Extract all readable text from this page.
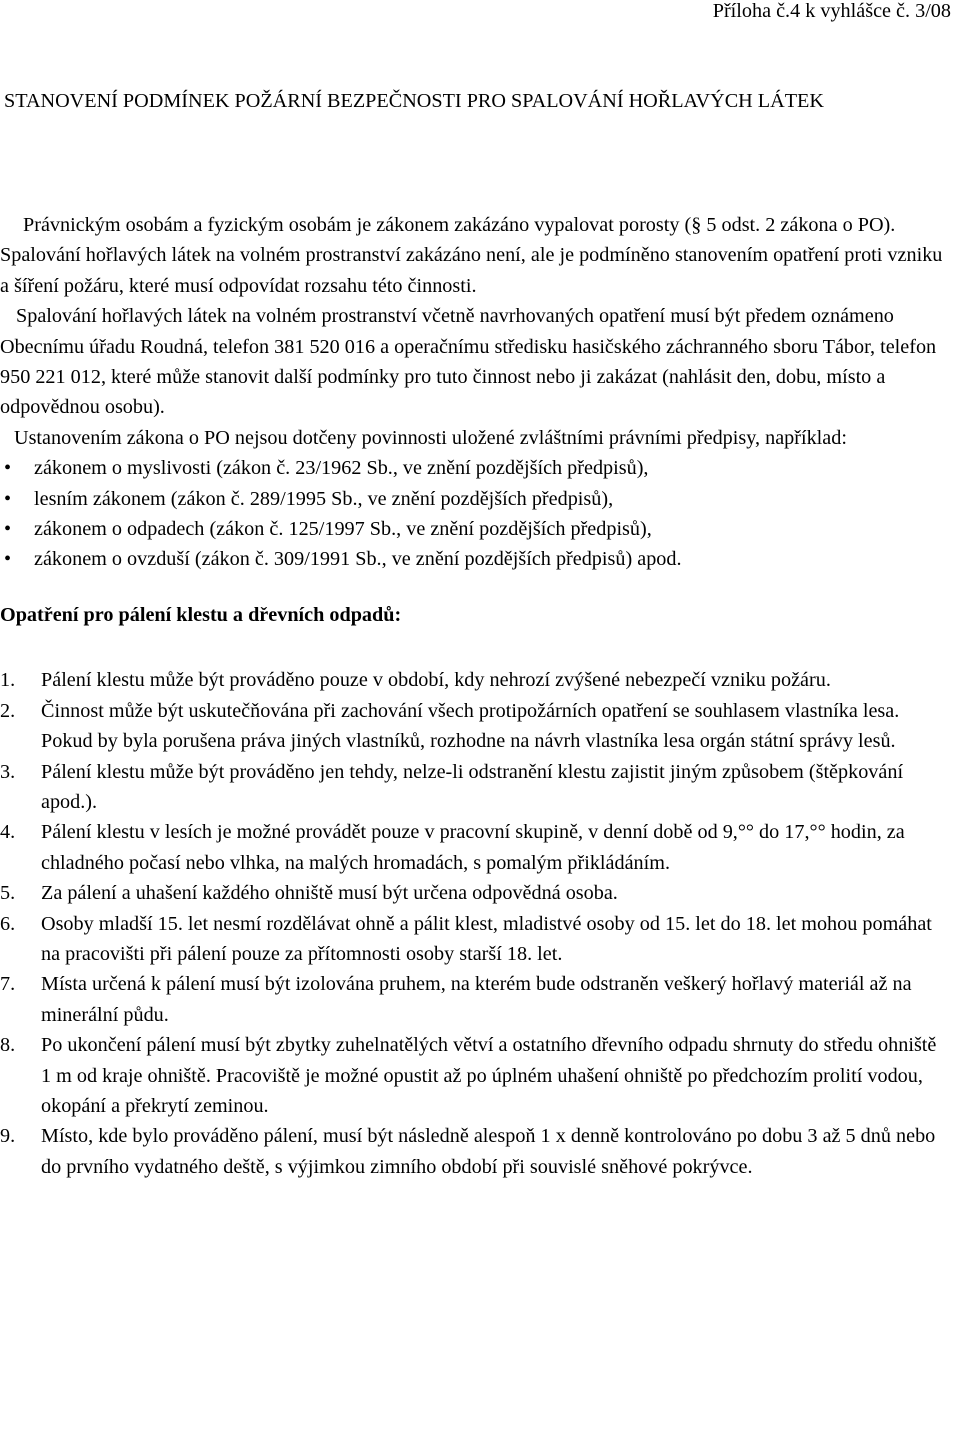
Příloha č.4 k vyhlášce č. 3/08
STANOVENÍ PODMÍNEK POŽÁRNÍ BEZPEČNOSTI PRO SPALOVÁNÍ HOŘLAVÝCH LÁTEK

Právnickým osobám a fyzickým osobám je zákonem zakázáno vypalovat porosty (§ 5 odst. 2 zákona o PO). Spalování hořlavých látek na volném prostranství zakázáno není, ale je podmíněno stanovením opatření proti vzniku a šíření požáru, které musí odpovídat rozsahu této činnosti.

Spalování hořlavých látek na volném prostranství včetně navrhovaných opatření musí být předem oznámeno Obecnímu úřadu Roudná, telefon 381 520 016 a operačnímu středisku hasičského záchranného sboru Tábor, telefon 950 221 012, které může stanovit další podmínky pro tuto činnost nebo ji zakázat (nahlásit den, dobu, místo a odpovědnou osobu).

Ustanovením zákona o PO nejsou dotčeny povinnosti uložené zvláštními právními předpisy, například:

• zákonem o myslivosti (zákon č. 23/1962 Sb., ve znění pozdějších předpisů),
• lesním zákonem (zákon č. 289/1995 Sb., ve znění pozdějších předpisů),
• zákonem o odpadech (zákon č. 125/1997 Sb., ve znění pozdějších předpisů),
• zákonem o ovzduší (zákon č. 309/1991 Sb., ve znění pozdějších předpisů) apod.

Opatření pro pálení klestu a dřevních odpadů:

1. Pálení klestu může být prováděno pouze v období, kdy nehrozí zvýšené nebezpečí vzniku požáru.
2. Činnost může být uskutečňována při zachování všech protipožárních opatření se souhlasem vlastníka lesa. Pokud by byla porušena práva jiných vlastníků, rozhodne na návrh vlastníka lesa orgán státní správy lesů.
3. Pálení klestu může být prováděno jen tehdy, nelze-li odstranění klestu zajistit jiným způsobem (štěpkování apod.).
4. Pálení klestu v lesích je možné provádět pouze v pracovní skupině, v denní době od 9,°° do 17,°° hodin, za chladného počasí nebo vlhka, na malých hromadách, s pomalým přikládáním.
5. Za pálení a uhašení každého ohniště musí být určena odpovědná osoba.
6. Osoby mladší 15. let nesmí rozdělávat ohně a pálit klest, mladistvé osoby od 15. let do 18. let mohou pomáhat na pracovišti při pálení pouze za přítomnosti osoby starší 18. let.
7. Místa určená k pálení musí být izolována pruhem, na kterém bude odstraněn veškerý hořlavý materiál až na minerální půdu.
8. Po ukončení pálení musí být zbytky zuhelnatělých větví a ostatního dřevního odpadu shrnuty do středu ohniště 1 m od kraje ohniště. Pracoviště je možné opustit až po úplném uhašení ohniště po předchozím prolití vodou, okopání a překrytí zeminou.
9. Místo, kde bylo prováděno pálení, musí být následně alespoň 1 x denně kontrolováno po dobu 3 až 5 dnů nebo do prvního vydatného deště, s výjimkou zimního období při souvislé sněhové pokrývce.
